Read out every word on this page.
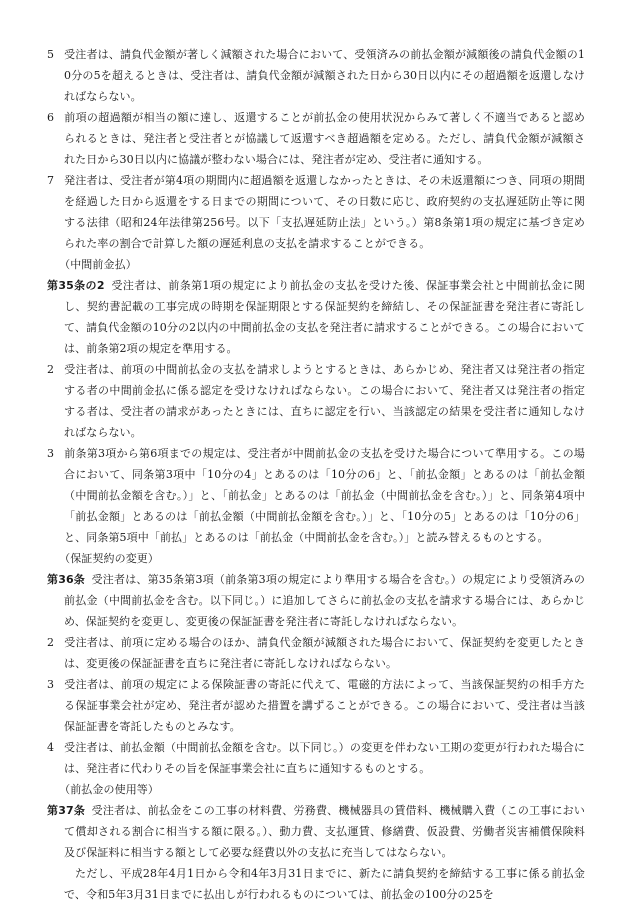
5 受注者は、請負代金額が著しく減額された場合において、受領済みの前払金額が減額後の請負代金額の10分の5を超えるときは、受注者は、請負代金額が減額された日から30日以内にその超過額を返還しなければならない。

6 前項の超過額が相当の額に達し、返還することが前払金の使用状況からみて著しく不適当であると認められるときは、発注者と受注者とが協議して返還すべき超過額を定める。ただし、請負代金額が減額された日から30日以内に協議が整わない場合には、発注者が定め、受注者に通知する。

7 発注者は、受注者が第4項の期間内に超過額を返還しなかったときは、その未返還額につき、同項の期間を経過した日から返還をする日までの期間について、その日数に応じ、政府契約の支払遅延防止等に関する法律（昭和24年法律第256号。以下「支払遅延防止法」という。）第8条第1項の規定に基づき定められた率の割合で計算した額の遅延利息の支払を請求することができる。

（中間前金払）

第35条の2 受注者は、前条第1項の規定により前払金の支払を受けた後、保証事業会社と中間前払金に関し、契約書記載の工事完成の時期を保証期限とする保証契約を締結し、その保証証書を発注者に寄託して、請負代金額の10分の2以内の中間前払金の支払を発注者に請求することができる。この場合においては、前条第2項の規定を準用する。

2 受注者は、前項の中間前払金の支払を請求しようとするときは、あらかじめ、発注者又は発注者の指定する者の中間前金払に係る認定を受けなければならない。この場合において、発注者又は発注者の指定する者は、受注者の請求があったときには、直ちに認定を行い、当該認定の結果を受注者に通知しなければならない。

3 前条第3項から第6項までの規定は、受注者が中間前払金の支払を受けた場合について準用する。この場合において、同条第3項中「10分の4」とあるのは「10分の6」と、「前払金額」とあるのは「前払金額（中間前払金額を含む。）」と、「前払金」とあるのは「前払金（中間前払金を含む。）」と、同条第4項中「前払金額」とあるのは「前払金額（中間前払金額を含む。）」と、「10分の5」とあるのは「10分の6」と、同条第5項中「前払」とあるのは「前払金（中間前払金を含む。）」と読み替えるものとする。

（保証契約の変更）

第36条 受注者は、第35条第3項（前条第3項の規定により準用する場合を含む。）の規定により受領済みの前払金（中間前払金を含む。以下同じ。）に追加してさらに前払金の支払を請求する場合には、あらかじめ、保証契約を変更し、変更後の保証証書を発注者に寄託しなければならない。

2 受注者は、前項に定める場合のほか、請負代金額が減額された場合において、保証契約を変更したときは、変更後の保証証書を直ちに発注者に寄託しなければならない。

3 受注者は、前項の規定による保険証書の寄託に代えて、電磁的方法によって、当該保証契約の相手方たる保証事業会社が定め、発注者が認めた措置を講ずることができる。この場合において、受注者は当該保証証書を寄託したものとみなす。

4 受注者は、前払金額（中間前払金額を含む。以下同じ。）の変更を伴わない工期の変更が行われた場合には、発注者に代わりその旨を保証事業会社に直ちに通知するものとする。

（前払金の使用等）

第37条 受注者は、前払金をこの工事の材料費、労務費、機械器具の賃借料、機械購入費（この工事において償却される割合に相当する額に限る。）、動力費、支払運賃、修繕費、仮設費、労働者災害補償保険料及び保証料に相当する額として必要な経費以外の支払に充当してはならない。

ただし、平成28年4月1日から令和4年3月31日までに、新たに請負契約を締結する工事に係る前払金で、令和5年3月31日までに払出しが行われるものについては、前払金の100分の25を
